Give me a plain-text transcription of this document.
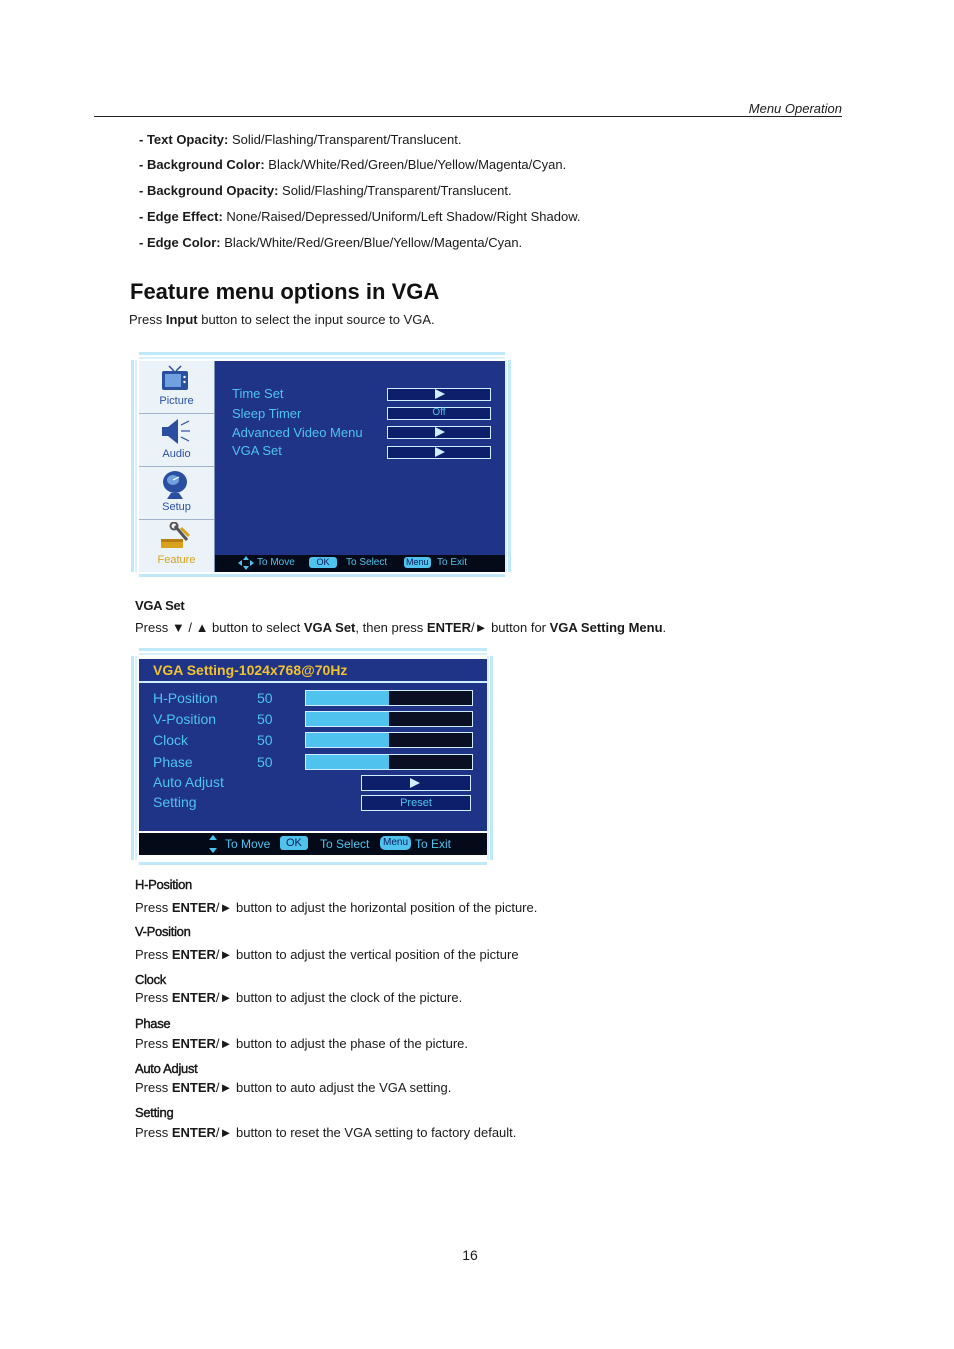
Menu Operation
- Text Opacity: Solid/Flashing/Transparent/Translucent.
- Background Color: Black/White/Red/Green/Blue/Yellow/Magenta/Cyan.
- Background Opacity: Solid/Flashing/Transparent/Translucent.
- Edge Effect: None/Raised/Depressed/Uniform/Left Shadow/Right Shadow.
- Edge Color: Black/White/Red/Green/Blue/Yellow/Magenta/Cyan.
Feature menu options in VGA
Press Input button to select the input source to VGA.
Picture
Audio
Setup
Feature
Time Set
Sleep Timer	Off
Advanced Video Menu
VGA Set
To Move	OK	To Select Menu To Exit
VGA Set
Press ▼ / ▲ button to select VGA Set, then press ENTER/► button for VGA Setting Menu.
VGA Setting-1024x768@70Hz
H-Position	50
V-Position	50
Clock	50
Phase	50
Auto Adjust
Setting	Preset
To Move	OK	To Select	Menu To Exit
H-Position
Press ENTER/► button to adjust the horizontal position of the picture.
V-Position
Press ENTER/► button to adjust the vertical position of the picture
Clock
Press ENTER/► button to adjust the clock of the picture.
Phase
Press ENTER/► button to adjust the phase of the picture.
Auto Adjust
Press ENTER/► button to auto adjust the VGA setting.
Setting
Press ENTER/► button to reset the VGA setting to factory default.
16
